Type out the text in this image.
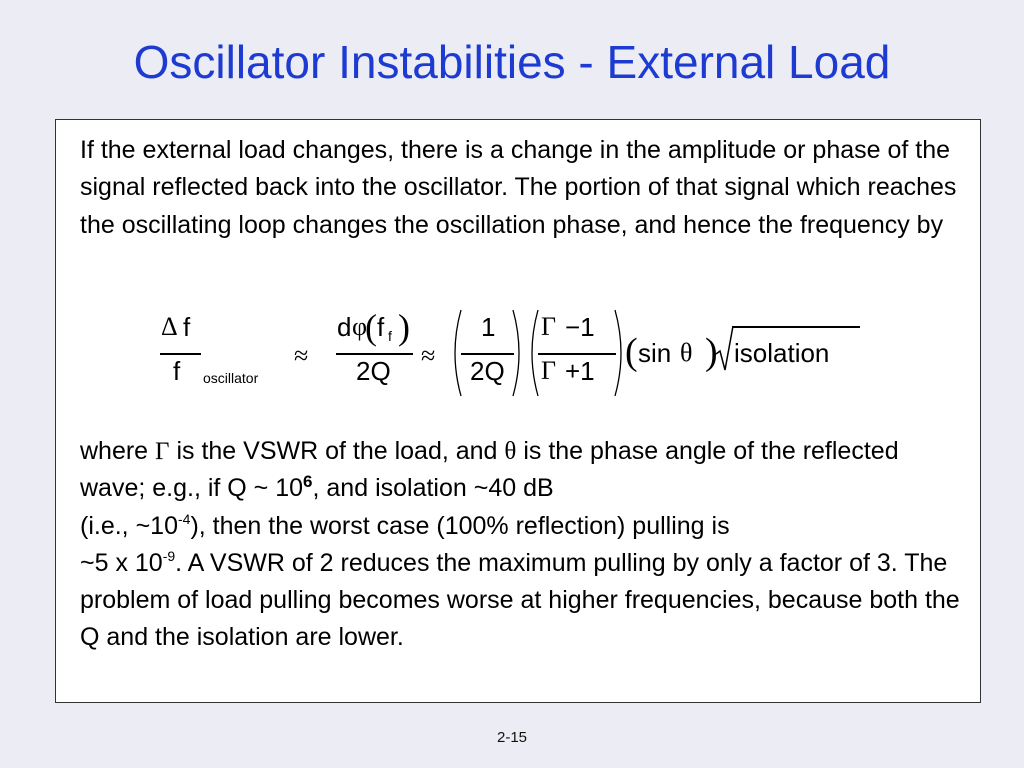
Oscillator Instabilities - External Load

If the external load changes, there is a change in the amplitude or phase of the signal reflected back into the oscillator. The portion of that signal which reaches the oscillating loop changes the oscillation phase, and hence the frequency by

Δ f
f oscillator
≈
d φ
( f f )
2Q
≈
1
2Q
Γ −1
Γ +1 ( sin θ ) isolation

where Γ is the VSWR of the load, and θ is the phase angle of the reflected wave; e.g., if Q ~ $10^6$, and isolation ~40 dB
(i.e., $\sim 10^{-4}$), then the worst case (100% reflection) pulling is
~5 x $10^{-9}$. A VSWR of 2 reduces the maximum pulling by only a factor of 3. The problem of load pulling becomes worse at higher frequencies, because both the Q and the isolation are lower.

2-15
